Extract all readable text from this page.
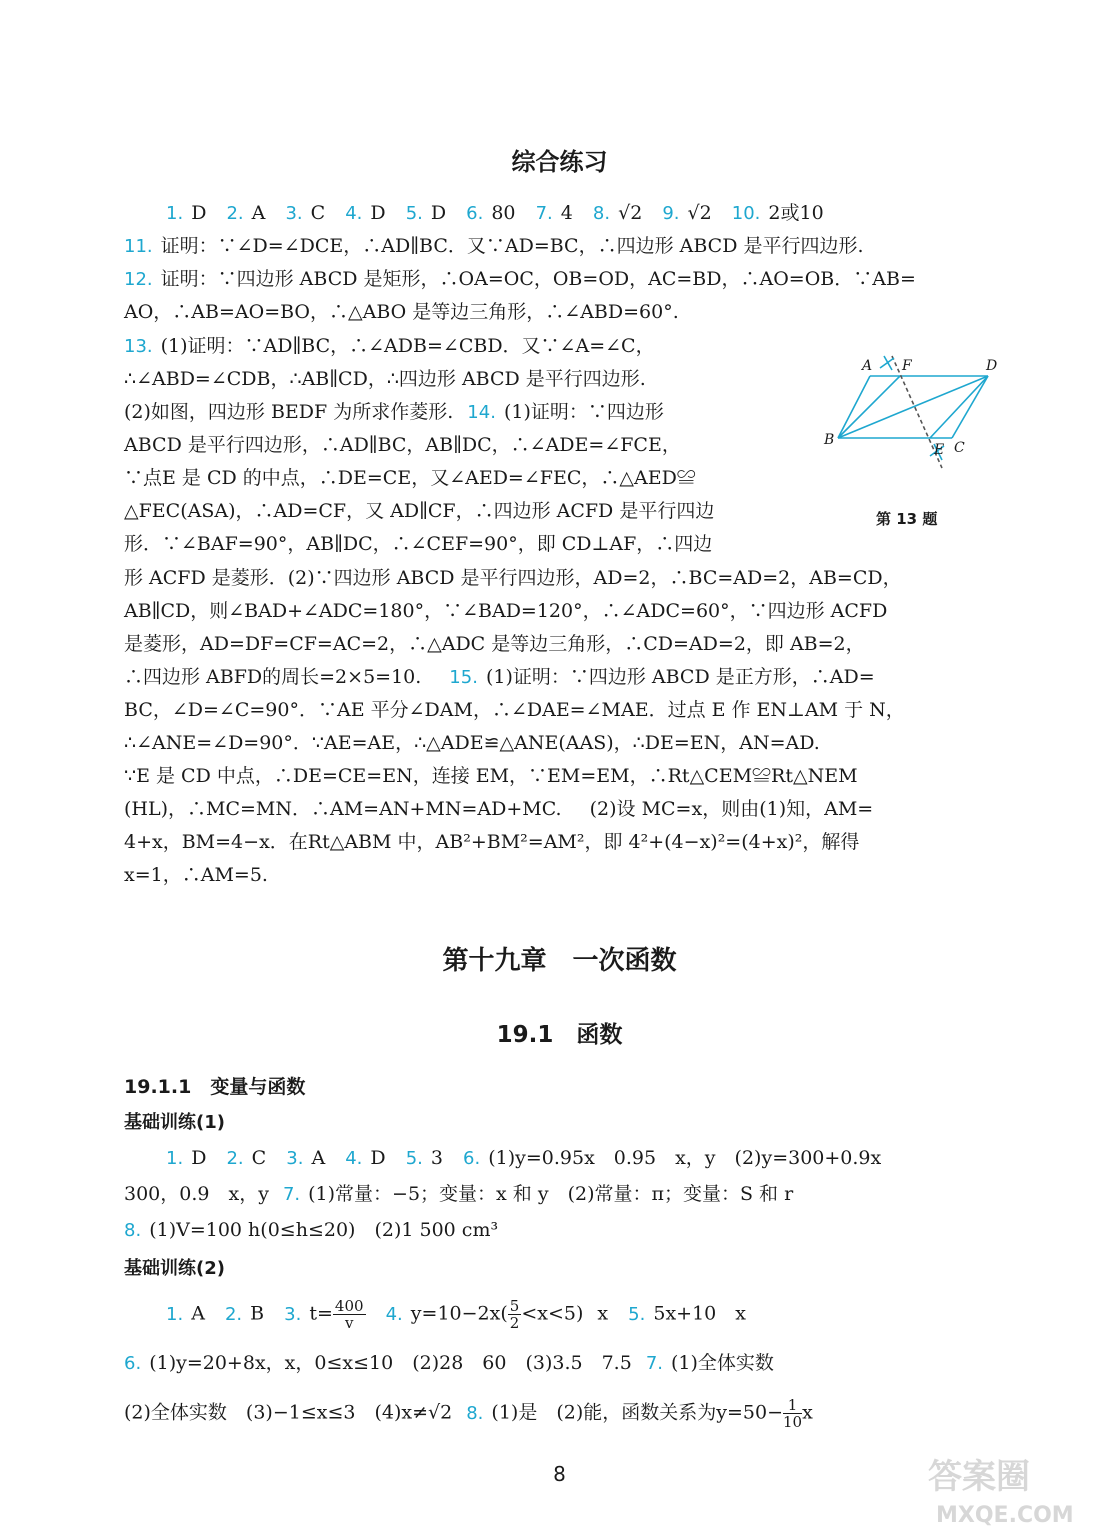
综合练习
1. D 2. A 3. C 4. D 5. D 6. 80 7. 4 8. √2 9. √2 10. 2或10
11. 证明：∵∠D=∠DCE，∴AD∥BC．又∵AD=BC，∴四边形 ABCD 是平行四边形.
12. 证明：∵四边形 ABCD 是矩形，∴OA=OC，OB=OD，AC=BD，∴AO=OB．∵AB=
AO，∴AB=AO=BO，∴△ABO 是等边三角形，∴∠ABD=60°.
13. (1)证明：∵AD∥BC，∴∠ADB=∠CBD．又∵∠A=∠C，
∴∠ABD=∠CDB，∴AB∥CD，∴四边形 ABCD 是平行四边形.
(2)如图，四边形 BEDF 为所求作菱形. 14. (1)证明：∵四边形
ABCD 是平行四边形，∴AD∥BC，AB∥DC，∴∠ADE=∠FCE，
∵点E 是 CD 的中点，∴DE=CE，又∠AED=∠FEC，∴△AED≌
△FEC(ASA)，∴AD=CF，又 AD∥CF，∴四边形 ACFD 是平行四边
形．∵∠BAF=90°，AB∥DC，∴∠CEF=90°，即 CD⊥AF，∴四边
形 ACFD 是菱形．(2)∵四边形 ABCD 是平行四边形，AD=2，∴BC=AD=2，AB=CD，
AB∥CD，则∠BAD+∠ADC=180°，∵∠BAD=120°，∴∠ADC=60°，∵四边形 ACFD
是菱形，AD=DF=CF=AC=2，∴△ADC 是等边三角形，∴CD=AD=2，即 AB=2，
∴四边形 ABFD的周长=2×5=10. 15. (1)证明：∵四边形 ABCD 是正方形，∴AD=
BC，∠D=∠C=90°．∵AE 平分∠DAM，∴∠DAE=∠MAE．过点 E 作 EN⊥AM 于 N，
∴∠ANE=∠D=90°．∵AE=AE，∴△ADE≌△ANE(AAS)，∴DE=EN，AN=AD.
∵E 是 CD 中点，∴DE=CE=EN，连接 EM，∵EM=EM，∴Rt△CEM≌Rt△NEM
(HL)，∴MC=MN．∴AM=AN+MN=AD+MC. (2)设 MC=x，则由(1)知，AM=
4+x，BM=4−x．在Rt△ABM 中，AB²+BM²=AM²，即 4²+(4−x)²=(4+x)²，解得
x=1，∴AM=5.
A F	D
B
E C
第 13 题
第十九章　一次函数
19.1　函数
19.1.1　变量与函数
基础训练(1)
1. D 2. C 3. A 4. D 5. 3 6. (1)y=0.95x　0.95　x，y　(2)y=300+0.9x
300，0.9　x，y 7. (1)常量：−5；变量：x 和 y　(2)常量：π；变量：S 和 r
8. (1)V=100 h(0≤h≤20)　(2)1 500 cm³
基础训练(2)
1. A 2. B 3. $t= \frac{400}{v} 4$. $y=10-2x( \frac{5}{2} <x<5)$ x 5. 5x+10　x
6. (1)y=20+8x，x，0≤x≤10　(2)28　60　(3)3.5　7.5 7. (1)全体实数
(2)全体实数　(3)−1≤x≤3　(4)x≠√2 8. (1)是　(2)能，函数关系为$y=50- \frac{1}{10}$ x
8	答案圈
MXQE.COM
